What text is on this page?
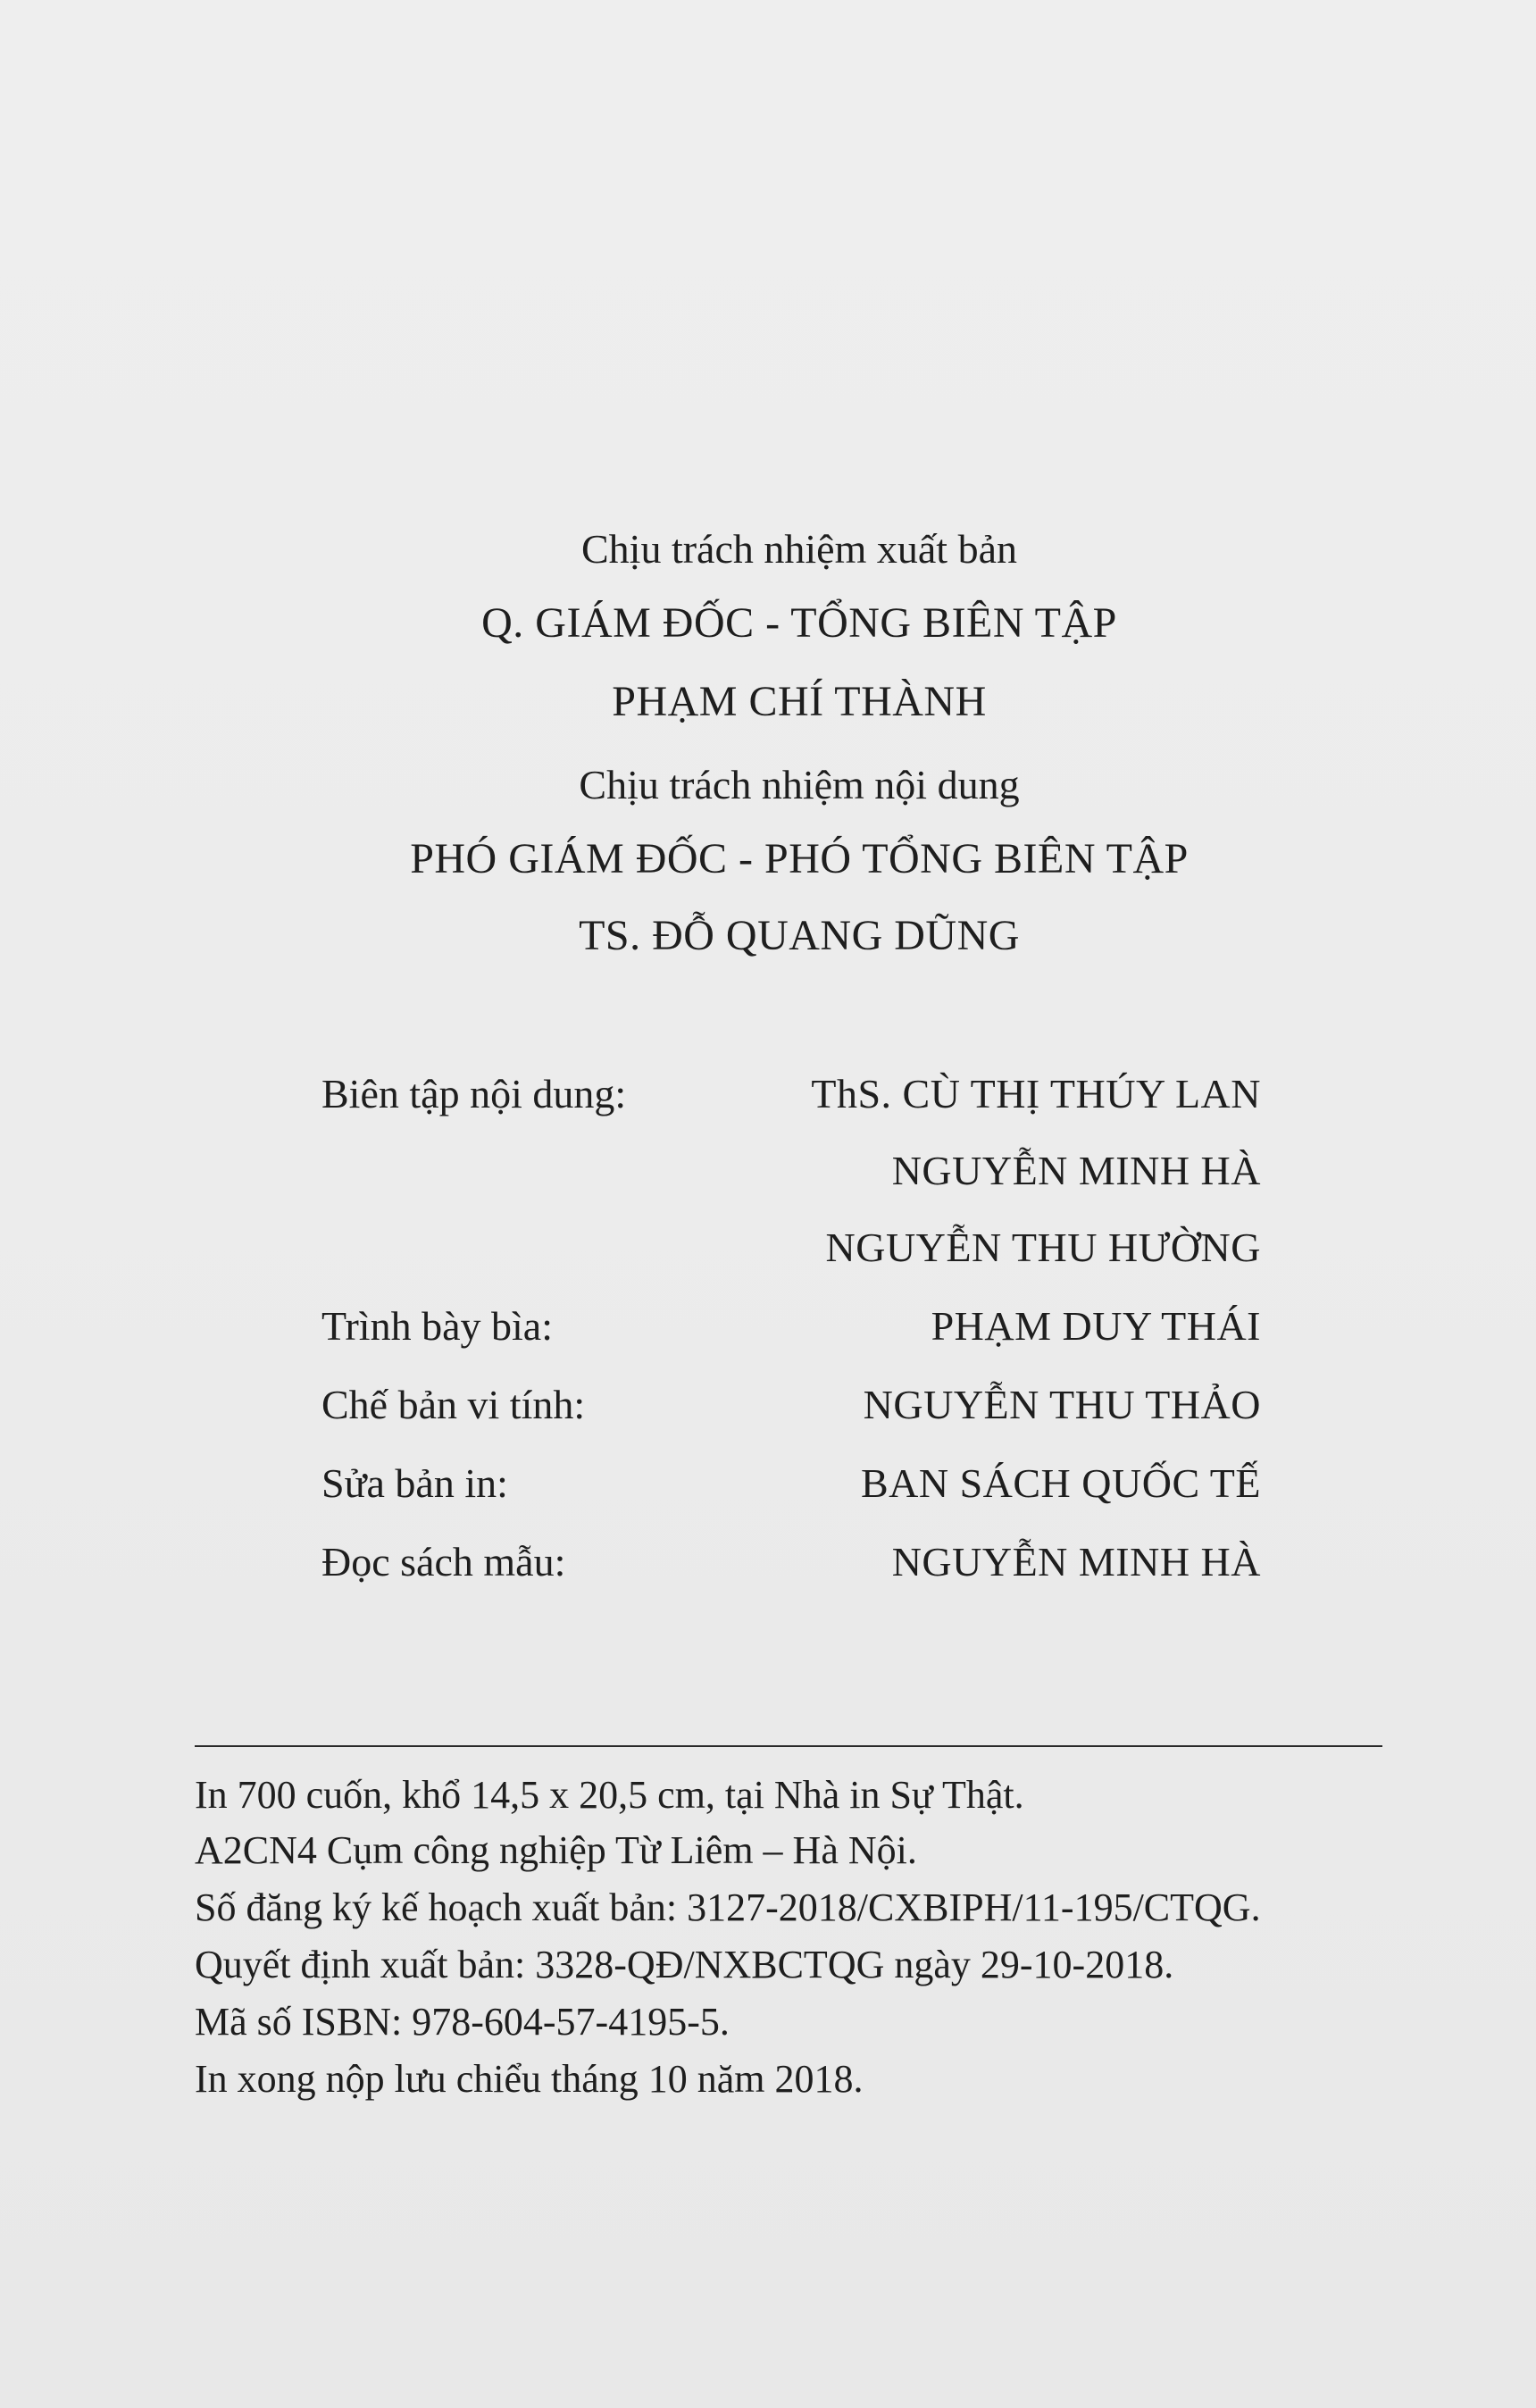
Chịu trách nhiệm xuất bản
Q. GIÁM ĐỐC - TỔNG BIÊN TẬP
PHẠM CHÍ THÀNH
Chịu trách nhiệm nội dung
PHÓ GIÁM ĐỐC - PHÓ TỔNG BIÊN TẬP
TS. ĐỖ QUANG DŨNG
Biên tập nội dung:	ThS. CÙ THỊ THÚY LAN
NGUYỄN MINH HÀ
NGUYỄN THU HƯỜNG
Trình bày bìa:	PHẠM DUY THÁI
Chế bản vi tính:	NGUYỄN THU THẢO
Sửa bản in:	BAN SÁCH QUỐC TẾ
Đọc sách mẫu:	NGUYỄN MINH HÀ
In 700 cuốn, khổ 14,5 x 20,5 cm, tại Nhà in Sự Thật.
A2CN4 Cụm công nghiệp Từ Liêm – Hà Nội.
Số đăng ký kế hoạch xuất bản: 3127-2018/CXBIPH/11-195/CTQG.
Quyết định xuất bản: 3328-QĐ/NXBCTQG ngày 29-10-2018.
Mã số ISBN: 978-604-57-4195-5.
In xong nộp lưu chiểu tháng 10 năm 2018.
